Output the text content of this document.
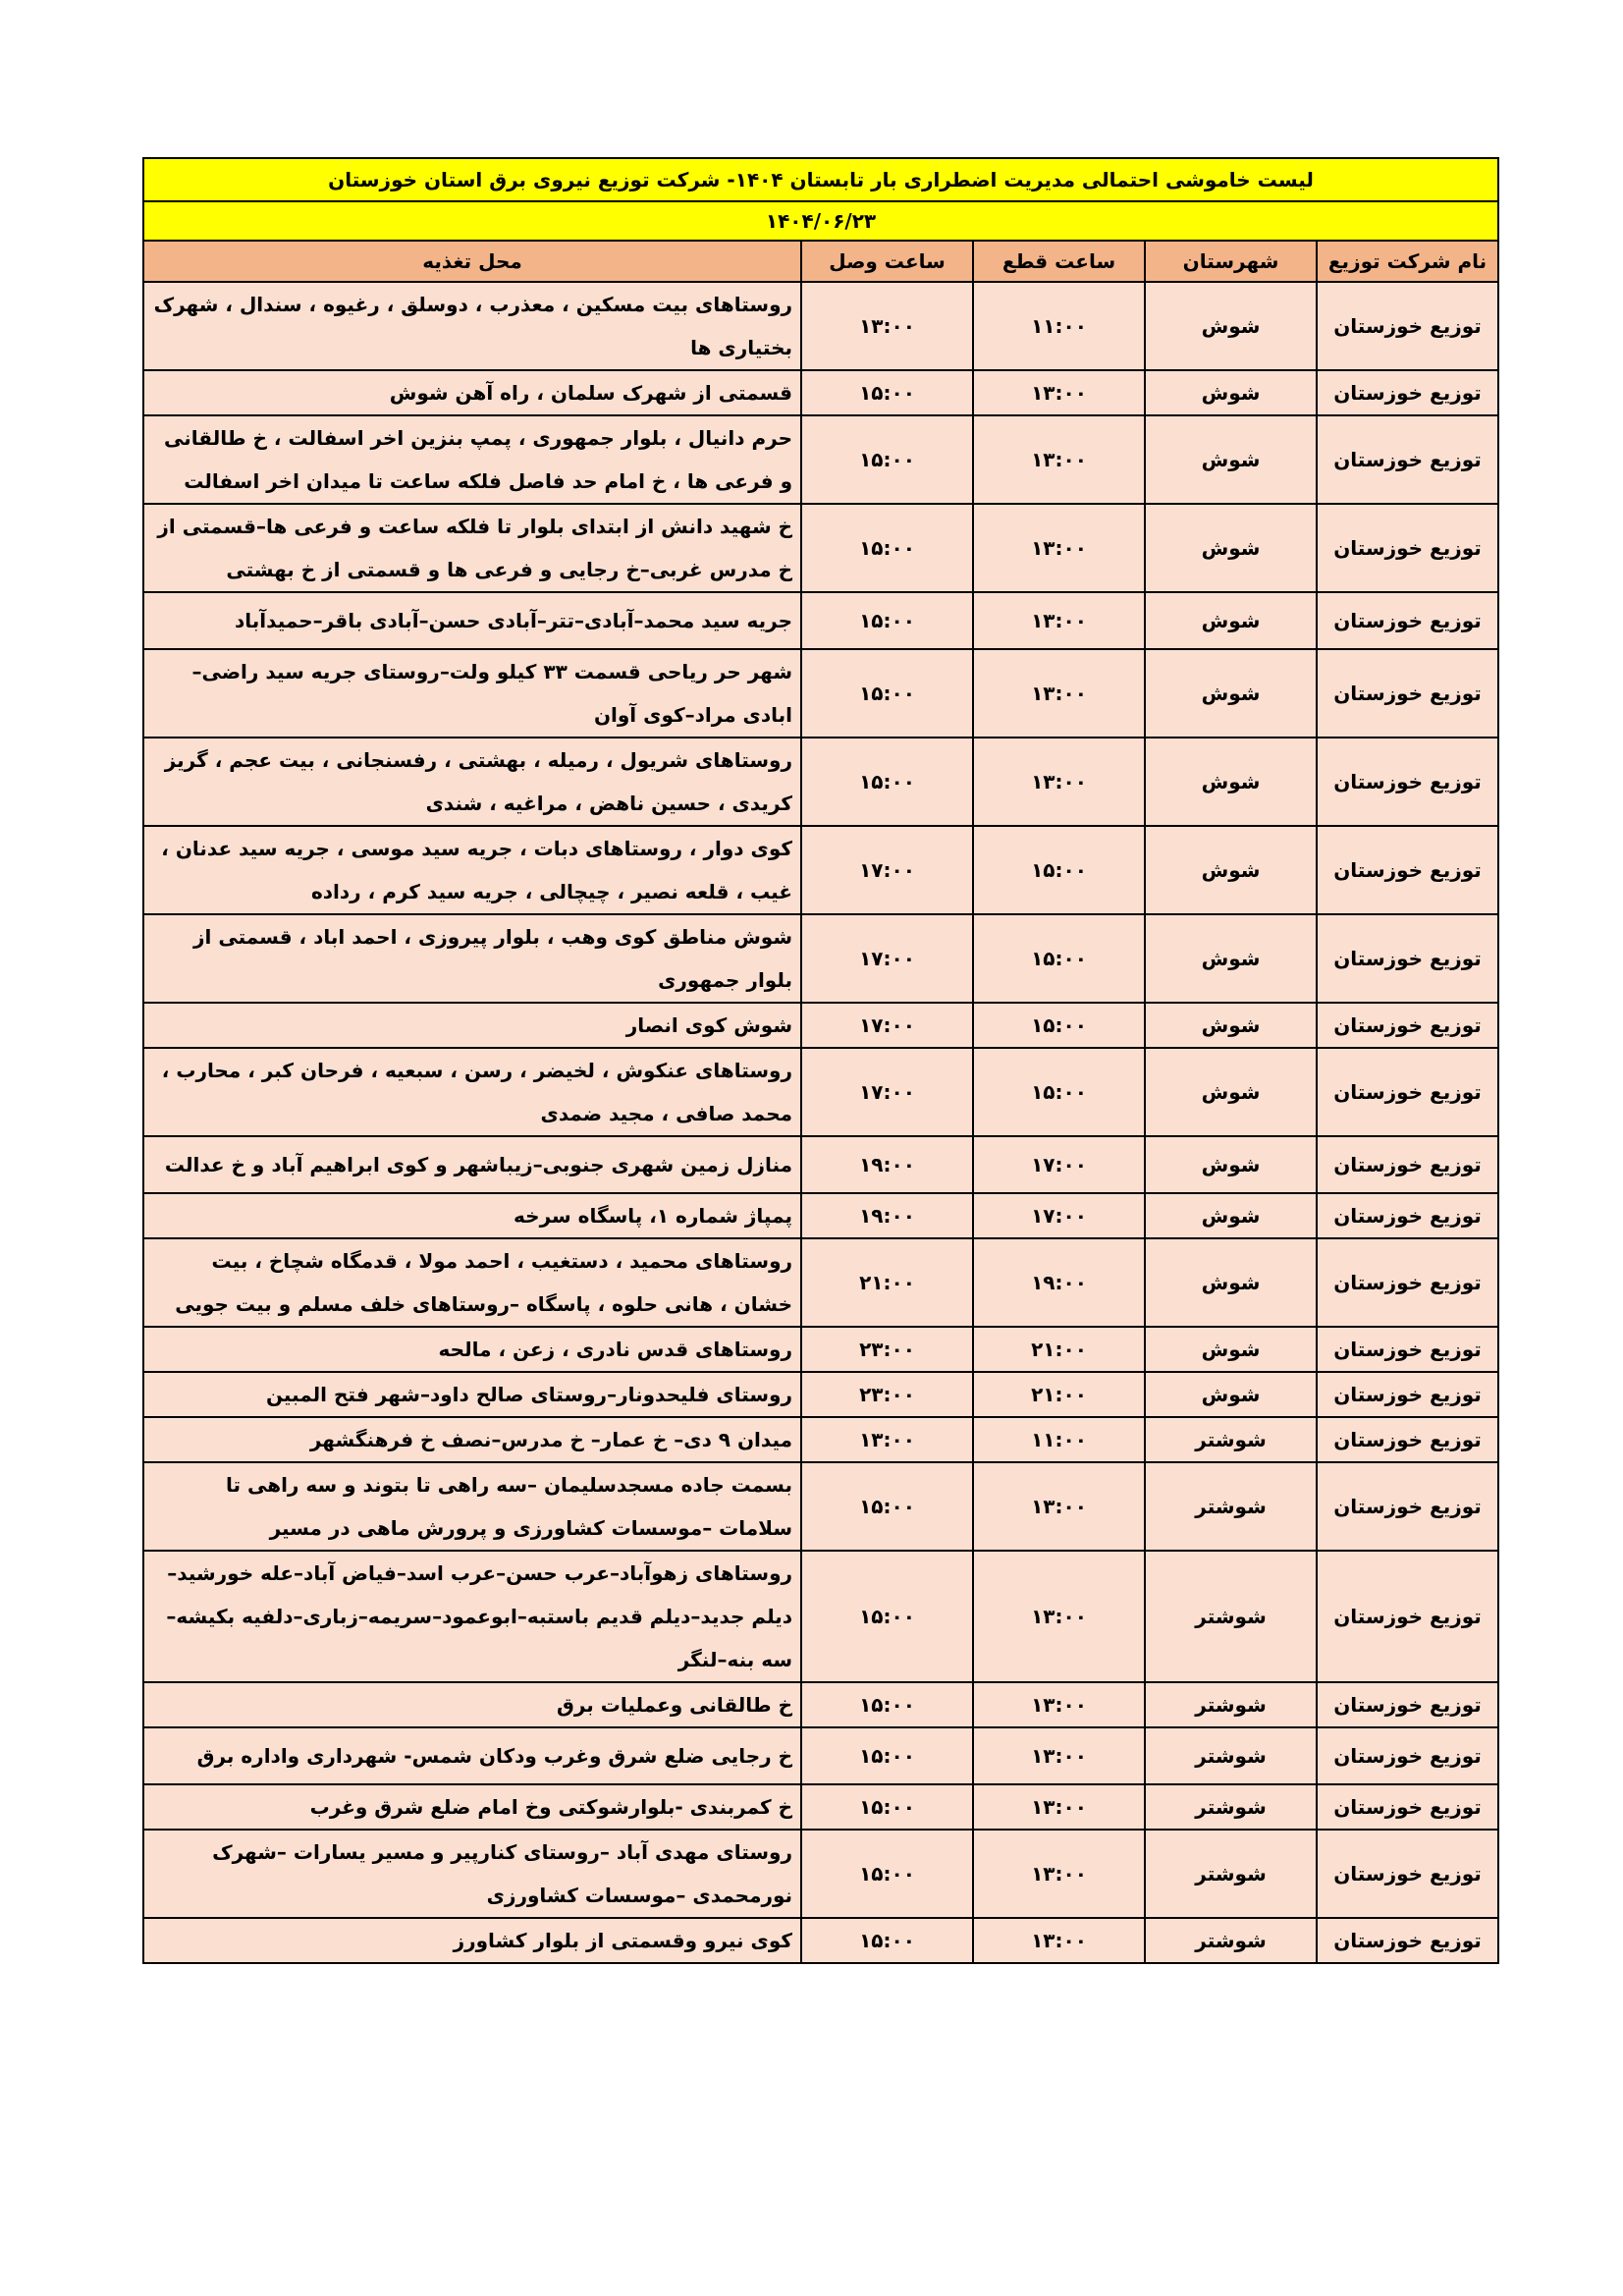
لیست خاموشی احتمالی مدیریت اضطراری بار تابستان ۱۴۰۴- شرکت توزیع نیروی برق استان خوزستان				
۱۴۰۴/۰۶/۲۳				
نام شرکت توزیع	شهرستان	ساعت قطع	ساعت وصل	محل تغذیه
توزیع خوزستان	شوش	۱۱:۰۰	۱۳:۰۰	روستاهای بیت مسکین ، معذرب ، دوسلق ، رغیوه ، سندال ، شهرک بختیاری ها
توزیع خوزستان	شوش	۱۳:۰۰	۱۵:۰۰	قسمتی از شهرک سلمان ، راه آهن شوش
توزیع خوزستان	شوش	۱۳:۰۰	۱۵:۰۰	حرم دانیال ، بلوار جمهوری ، پمپ بنزین اخر اسفالت ، خ طالقانی و فرعی ها ، خ امام حد فاصل فلکه ساعت تا میدان اخر اسفالت
توزیع خوزستان	شوش	۱۳:۰۰	۱۵:۰۰	خ شهید دانش از ابتدای بلوار تا فلکه ساعت و فرعی ها–قسمتی از خ مدرس غربی–خ رجایی و فرعی ها و قسمتی از خ بهشتی
توزیع خوزستان	شوش	۱۳:۰۰	۱۵:۰۰	جریه سید محمد–آبادی–تتر–آبادی حسن–آبادی باقر–حمیدآباد
توزیع خوزستان	شوش	۱۳:۰۰	۱۵:۰۰	شهر حر ریاحی قسمت ۳۳ کیلو ولت–روستای جریه سید راضی–ابادی مراد–کوی آوان
توزیع خوزستان	شوش	۱۳:۰۰	۱۵:۰۰	روستاهای شریول ، رمیله ، بهشتی ، رفسنجانی ، بیت عجم ، گریز کریدی ، حسین ناهض ، مراغیه ، شندی
توزیع خوزستان	شوش	۱۵:۰۰	۱۷:۰۰	کوی دوار ، روستاهای دبات ، جریه سید موسی ، جریه سید عدنان ، غیب ، قلعه نصیر ، چیچالی ، جریه سید کرم ، رداده
توزیع خوزستان	شوش	۱۵:۰۰	۱۷:۰۰	شوش مناطق کوی وهب ، بلوار پیروزی ، احمد اباد ، قسمتی از بلوار جمهوری
توزیع خوزستان	شوش	۱۵:۰۰	۱۷:۰۰	شوش کوی انصار
توزیع خوزستان	شوش	۱۵:۰۰	۱۷:۰۰	روستاهای عنکوش ، لخیضر ، رسن ، سبعیه ، فرحان کبر ، محارب ، محمد صافی ، مجید ضمدی
توزیع خوزستان	شوش	۱۷:۰۰	۱۹:۰۰	منازل زمین شهری جنوبی–زیباشهر و کوی ابراهیم آباد و خ عدالت
توزیع خوزستان	شوش	۱۷:۰۰	۱۹:۰۰	پمپاژ شماره ۱، پاسگاه سرخه
توزیع خوزستان	شوش	۱۹:۰۰	۲۱:۰۰	روستاهای محمید ، دستغیب ، احمد مولا ، قدمگاه شچاخ ، بیت خشان ، هانی حلوه ، پاسگاه –روستاهای خلف مسلم و بیت جویی
توزیع خوزستان	شوش	۲۱:۰۰	۲۳:۰۰	روستاهای قدس نادری ، زعن ، مالحه
توزیع خوزستان	شوش	۲۱:۰۰	۲۳:۰۰	روستای فلیحدونار–روستای صالح داود–شهر فتح المبین
توزیع خوزستان	شوشتر	۱۱:۰۰	۱۳:۰۰	میدان ۹ دی– خ عمار– خ مدرس–نصف خ فرهنگشهر
توزیع خوزستان	شوشتر	۱۳:۰۰	۱۵:۰۰	بسمت جاده مسجدسلیمان –سه راهی تا بتوند و سه راهی تا سلامات –موسسات کشاورزی و پرورش ماهی در مسیر
توزیع خوزستان	شوشتر	۱۳:۰۰	۱۵:۰۰	روستاهای زهوآباد–عرب حسن–عرب اسد–فیاض آباد–عله خورشید–دیلم جدید–دیلم قدیم باستبه–ابوعمود–سریمه–زباری–دلفیه بکیشه–سه بنه–لنگر
توزیع خوزستان	شوشتر	۱۳:۰۰	۱۵:۰۰	خ طالقانی وعملیات برق
توزیع خوزستان	شوشتر	۱۳:۰۰	۱۵:۰۰	خ رجایی ضلع شرق وغرب ودکان شمس- شهرداری واداره برق
توزیع خوزستان	شوشتر	۱۳:۰۰	۱۵:۰۰	خ کمربندی -بلوارشوکتی وخ امام ضلع شرق وغرب
توزیع خوزستان	شوشتر	۱۳:۰۰	۱۵:۰۰	روستای مهدی آباد –روستای کنارپیر و مسیر یسارات –شهرک نورمحمدی –موسسات کشاورزی
توزیع خوزستان	شوشتر	۱۳:۰۰	۱۵:۰۰	کوی نیرو وقسمتی از بلوار کشاورز
